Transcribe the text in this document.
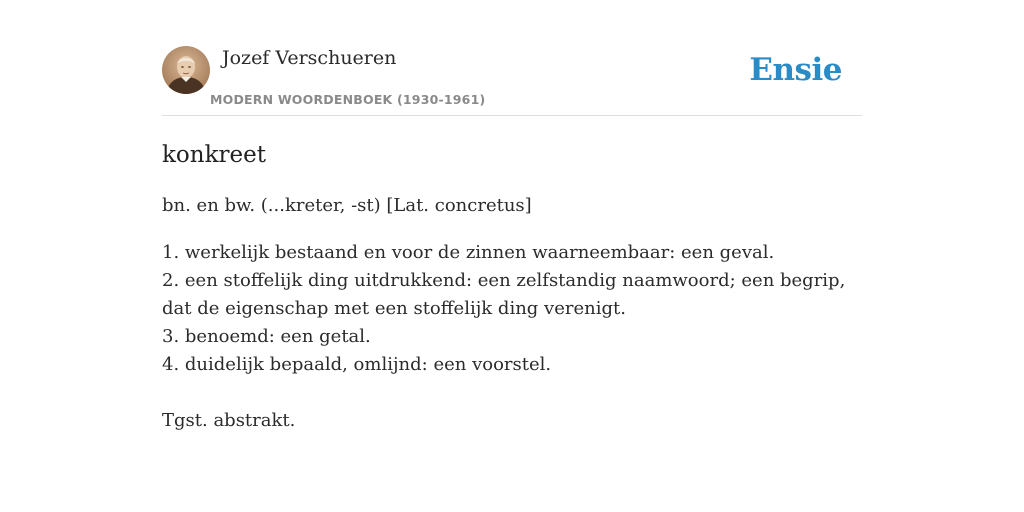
Jozef Verschueren
MODERN WOORDENBOEK (1930-1961)
Ensie
konkreet
bn. en bw. (...kreter, -st) [Lat. concretus]
1. werkelijk bestaand en voor de zinnen waarneembaar: een geval.
2. een stoffelijk ding uitdrukkend: een zelfstandig naamwoord; een begrip, dat de eigenschap met een stoffelijk ding verenigt.
3. benoemd: een getal.
4. duidelijk bepaald, omlijnd: een voorstel.
Tgst. abstrakt.
